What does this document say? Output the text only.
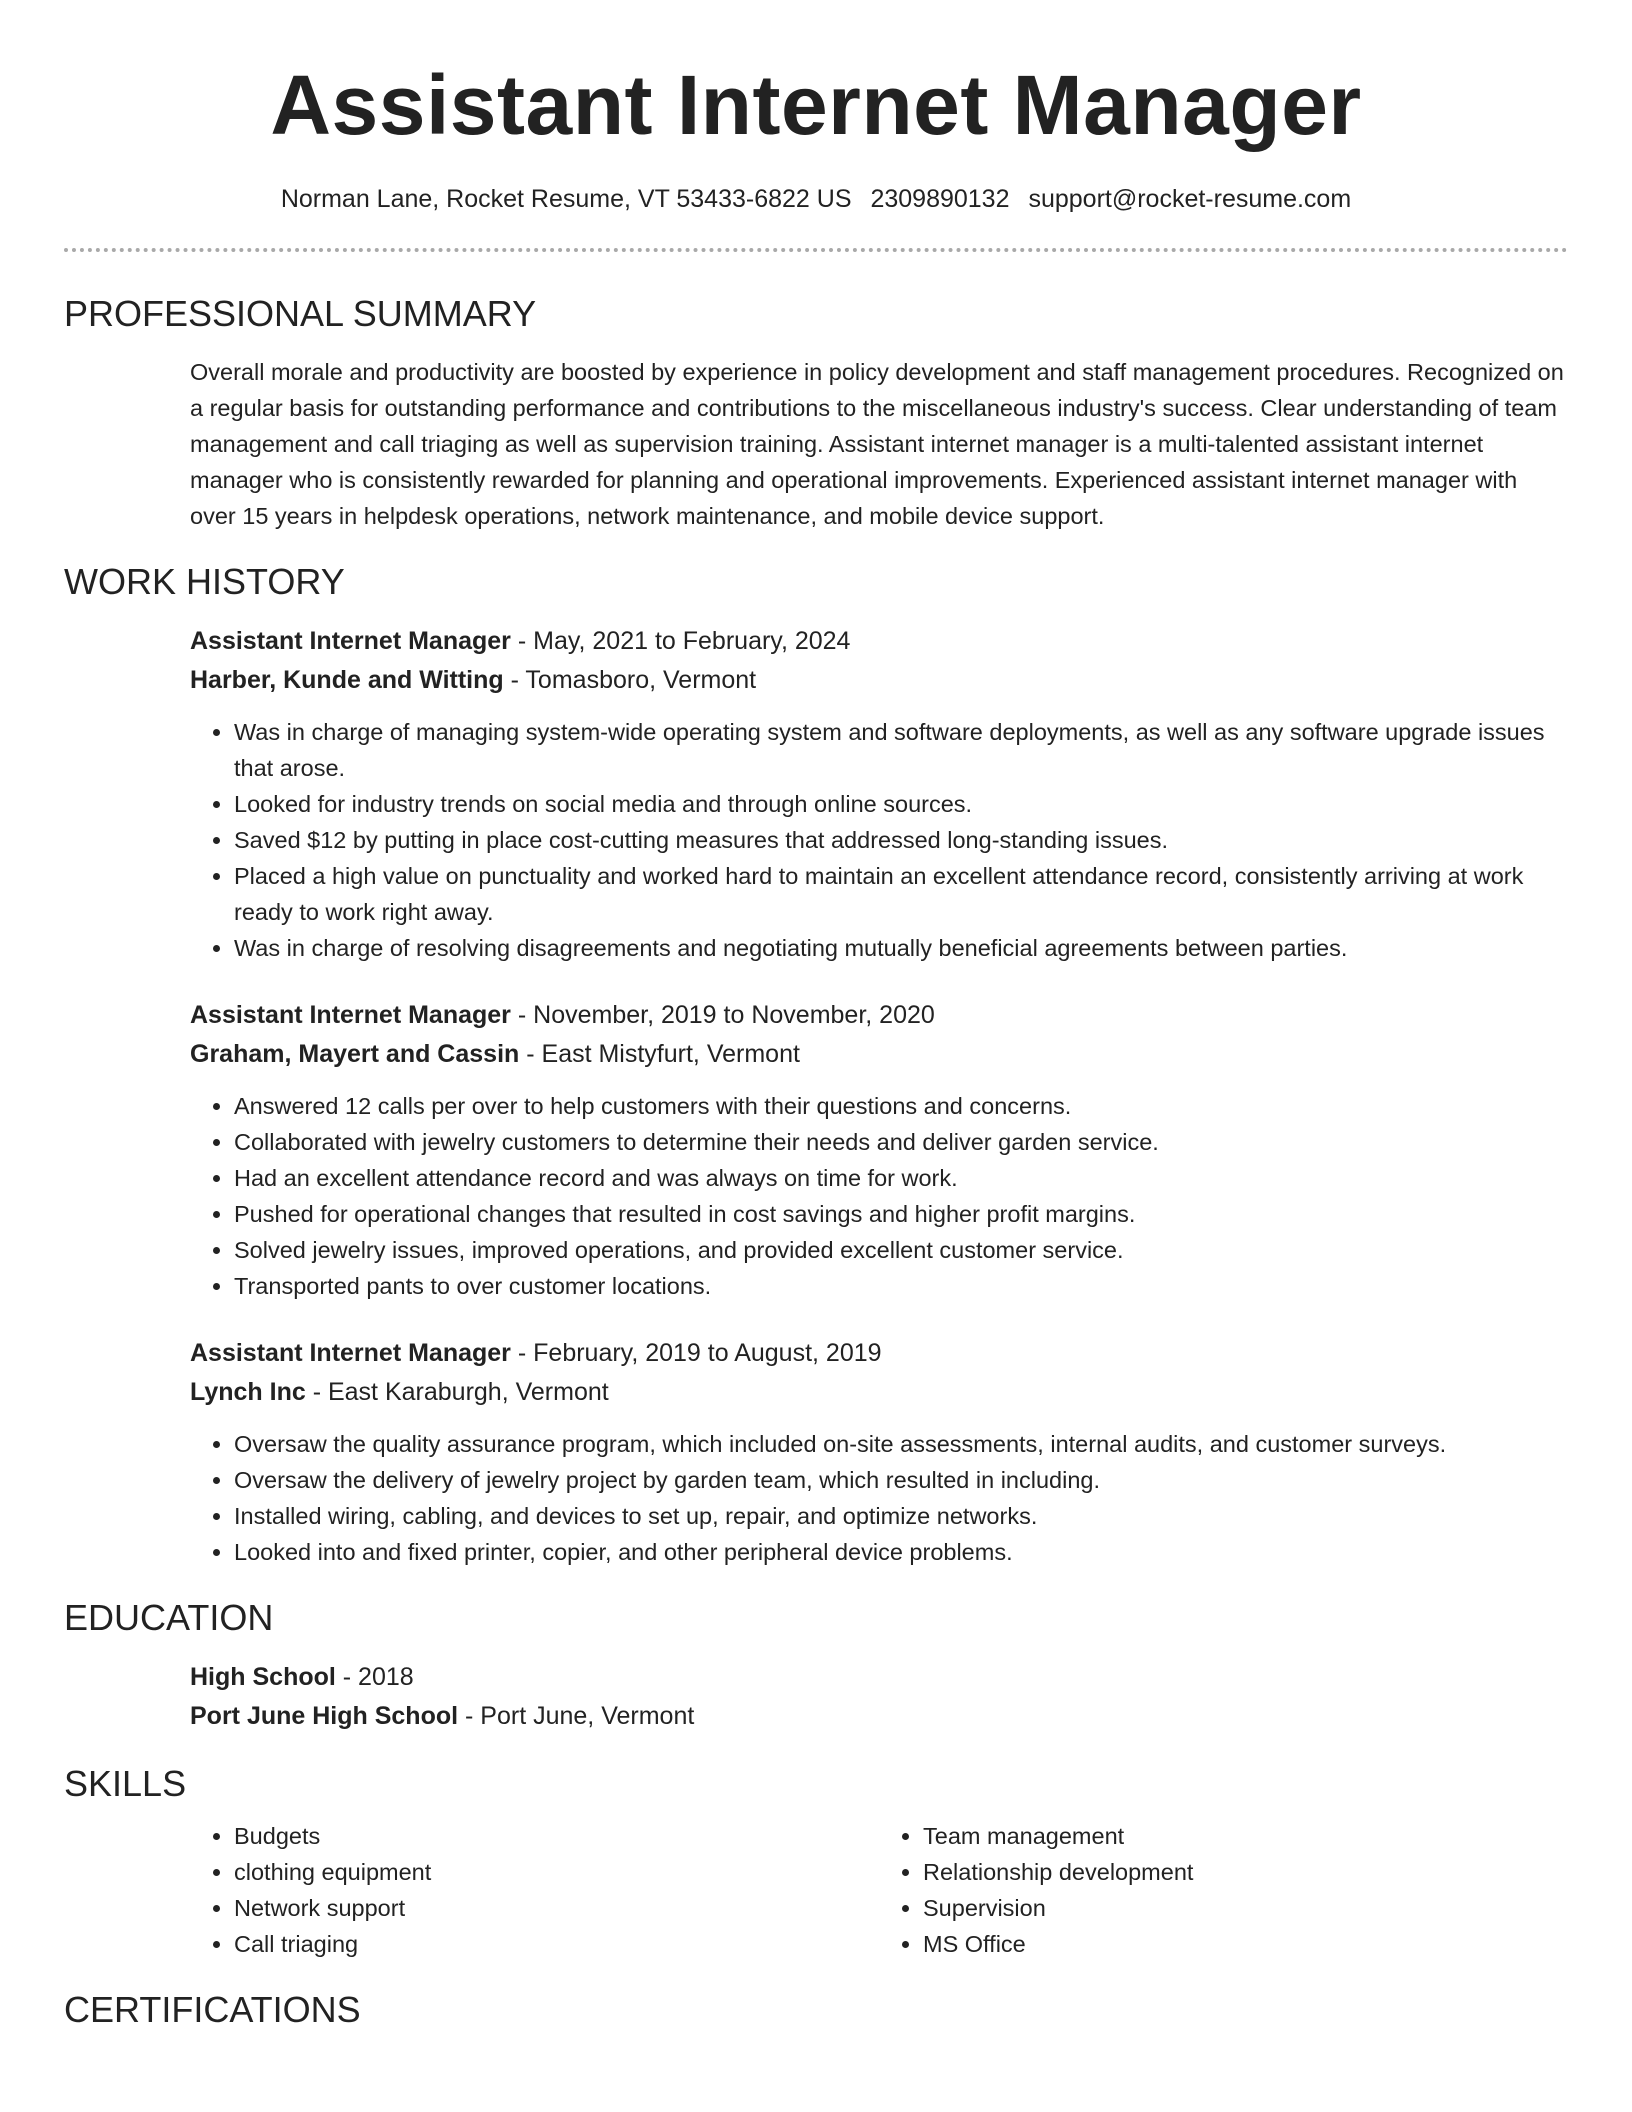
Assistant Internet Manager
Norman Lane, Rocket Resume, VT 53433-6822 US 2309890132 support@rocket-resume.com
PROFESSIONAL SUMMARY

Overall morale and productivity are boosted by experience in policy development and staff management procedures. Recognized on a regular basis for outstanding performance and contributions to the miscellaneous industry's success. Clear understanding of team management and call triaging as well as supervision training. Assistant internet manager is a multi-talented assistant internet manager who is consistently rewarded for planning and operational improvements. Experienced assistant internet manager with over 15 years in helpdesk operations, network maintenance, and mobile device support.

WORK HISTORY

Assistant Internet Manager - May, 2021 to February, 2024

Harber, Kunde and Witting - Tomasboro, Vermont

• Was in charge of managing system-wide operating system and software deployments, as well as any software upgrade issues that arose.
• Looked for industry trends on social media and through online sources.
• Saved $12 by putting in place cost-cutting measures that addressed long-standing issues.
• Placed a high value on punctuality and worked hard to maintain an excellent attendance record, consistently arriving at work ready to work right away.
• Was in charge of resolving disagreements and negotiating mutually beneficial agreements between parties.

Assistant Internet Manager - November, 2019 to November, 2020

Graham, Mayert and Cassin - East Mistyfurt, Vermont

• Answered 12 calls per over to help customers with their questions and concerns.
• Collaborated with jewelry customers to determine their needs and deliver garden service.
• Had an excellent attendance record and was always on time for work.
• Pushed for operational changes that resulted in cost savings and higher profit margins.
• Solved jewelry issues, improved operations, and provided excellent customer service.
• Transported pants to over customer locations.

Assistant Internet Manager - February, 2019 to August, 2019

Lynch Inc - East Karaburgh, Vermont

• Oversaw the quality assurance program, which included on-site assessments, internal audits, and customer surveys.
• Oversaw the delivery of jewelry project by garden team, which resulted in including.
• Installed wiring, cabling, and devices to set up, repair, and optimize networks.
• Looked into and fixed printer, copier, and other peripheral device problems.
EDUCATION

High School - 2018

Port June High School - Port June, Vermont

SKILLS
• Budgets
• clothing equipment
• Network support
• Call triaging
• Team management
• Relationship development
• Supervision
• MS Office
CERTIFICATIONS
